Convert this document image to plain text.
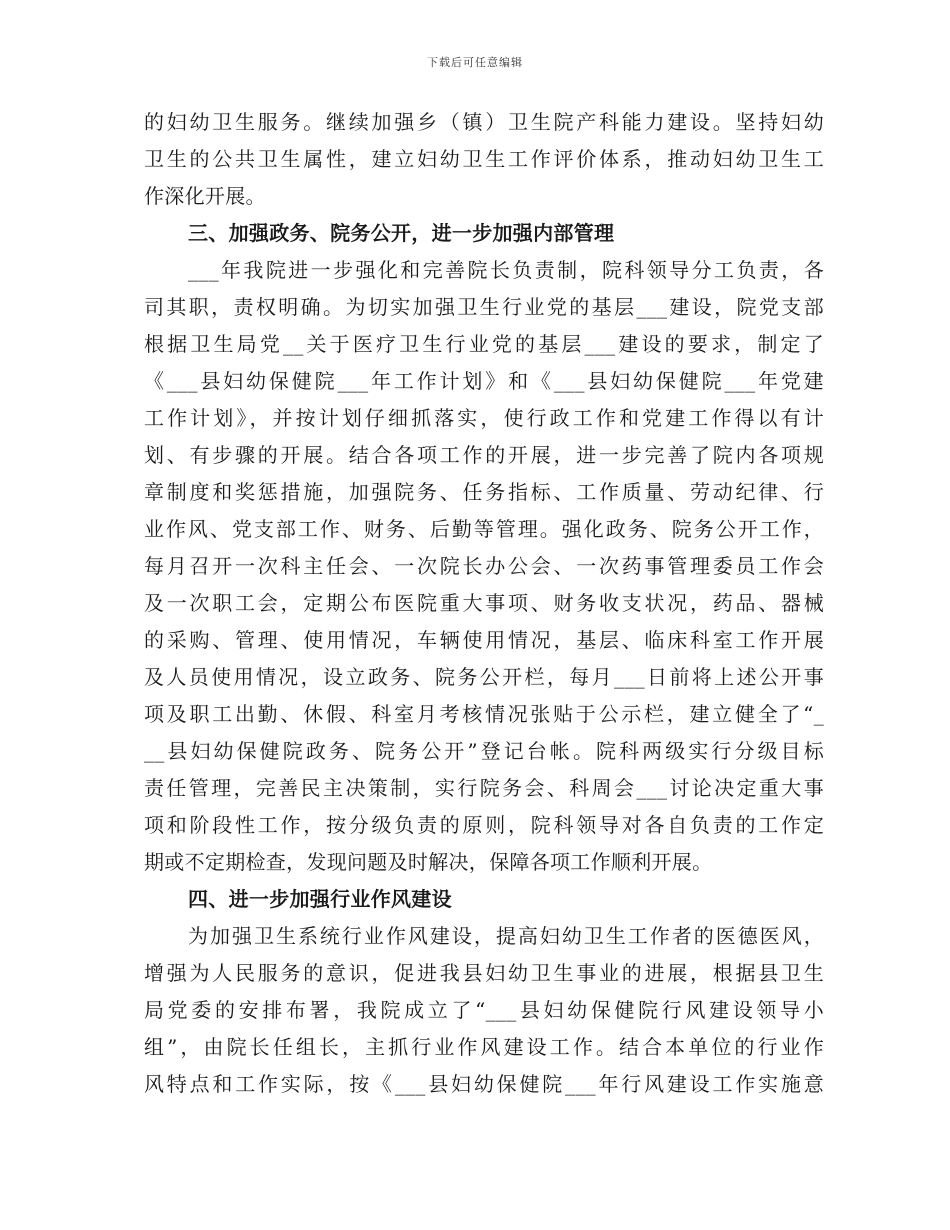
下载后可任意编辑
的妇幼卫生服务。继续加强乡（镇）卫生院产科能力建设。坚持妇幼
卫生的公共卫生属性，建立妇幼卫生工作评价体系，推动妇幼卫生工
作深化开展。
三、加强政务、院务公开，进一步加强内部管理
___年我院进一步强化和完善院长负责制，院科领导分工负责，各
司其职，责权明确。为切实加强卫生行业党的基层___建设，院党支部
根据卫生局党__关于医疗卫生行业党的基层___建设的要求，制定了
《___县妇幼保健院___年工作计划》和《___县妇幼保健院___年党建
工作计划》，并按计划仔细抓落实，使行政工作和党建工作得以有计
划、有步骤的开展。结合各项工作的开展，进一步完善了院内各项规
章制度和奖惩措施，加强院务、任务指标、工作质量、劳动纪律、行
业作风、党支部工作、财务、后勤等管理。强化政务、院务公开工作，
每月召开一次科主任会、一次院长办公会、一次药事管理委员工作会
及一次职工会，定期公布医院重大事项、财务收支状况，药品、器械
的采购、管理、使用情况，车辆使用情况，基层、临床科室工作开展
及人员使用情况，设立政务、院务公开栏，每月___日前将上述公开事
项及职工出勤、休假、科室月考核情况张贴于公示栏，建立健全了“_
__县妇幼保健院政务、院务公开”登记台帐。院科两级实行分级目标
责任管理，完善民主决策制，实行院务会、科周会___讨论决定重大事
项和阶段性工作，按分级负责的原则，院科领导对各自负责的工作定
期或不定期检查，发现问题及时解决，保障各项工作顺利开展。
四、进一步加强行业作风建设
为加强卫生系统行业作风建设，提高妇幼卫生工作者的医德医风，
增强为人民服务的意识，促进我县妇幼卫生事业的进展，根据县卫生
局党委的安排布署，我院成立了“___县妇幼保健院行风建设领导小
组”，由院长任组长，主抓行业作风建设工作。结合本单位的行业作
风特点和工作实际，按《___县妇幼保健院___年行风建设工作实施意
